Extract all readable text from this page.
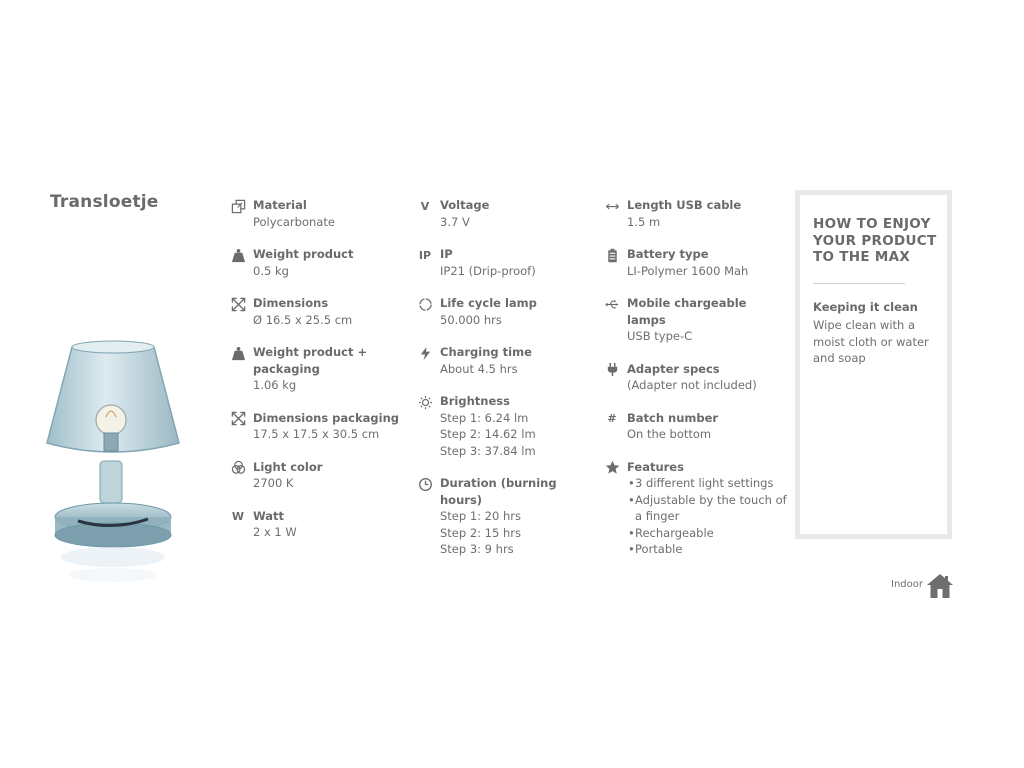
Transloetje	Material
Polycarbonate
Weight product
0.5 kg
Dimensions
Ø 16.5 x 25.5 cm
Weight product + packaging
1.06 kg
Dimensions packaging
17.5 x 17.5 x 30.5 cm
Light color
2700 K
W Watt
2 x 1 W
V Voltage
3.7 V
IP IP
IP21 (Drip-proof)
Life cycle lamp
50.000 hrs
Charging time
About 4.5 hrs
Brightness
Step 1: 6.24 lm
Step 2: 14.62 lm
Step 3: 37.84 lm
Duration (burning hours)
Step 1: 20 hrs
Step 2: 15 hrs
Step 3: 9 hrs
Length USB cable
1.5 m
Battery type
LI-Polymer 1600 Mah
Mobile chargeable lamps
USB type-C
Adapter specs
(Adapter not included)
# Batch number
On the bottom
Features
• 3 different light settings
• Adjustable by the touch of a finger
• Rechargeable
• Portable
HOW TO ENJOY YOUR PRODUCT TO THE MAX
Keeping it clean
Wipe clean with a moist cloth or water and soap
Indoor
